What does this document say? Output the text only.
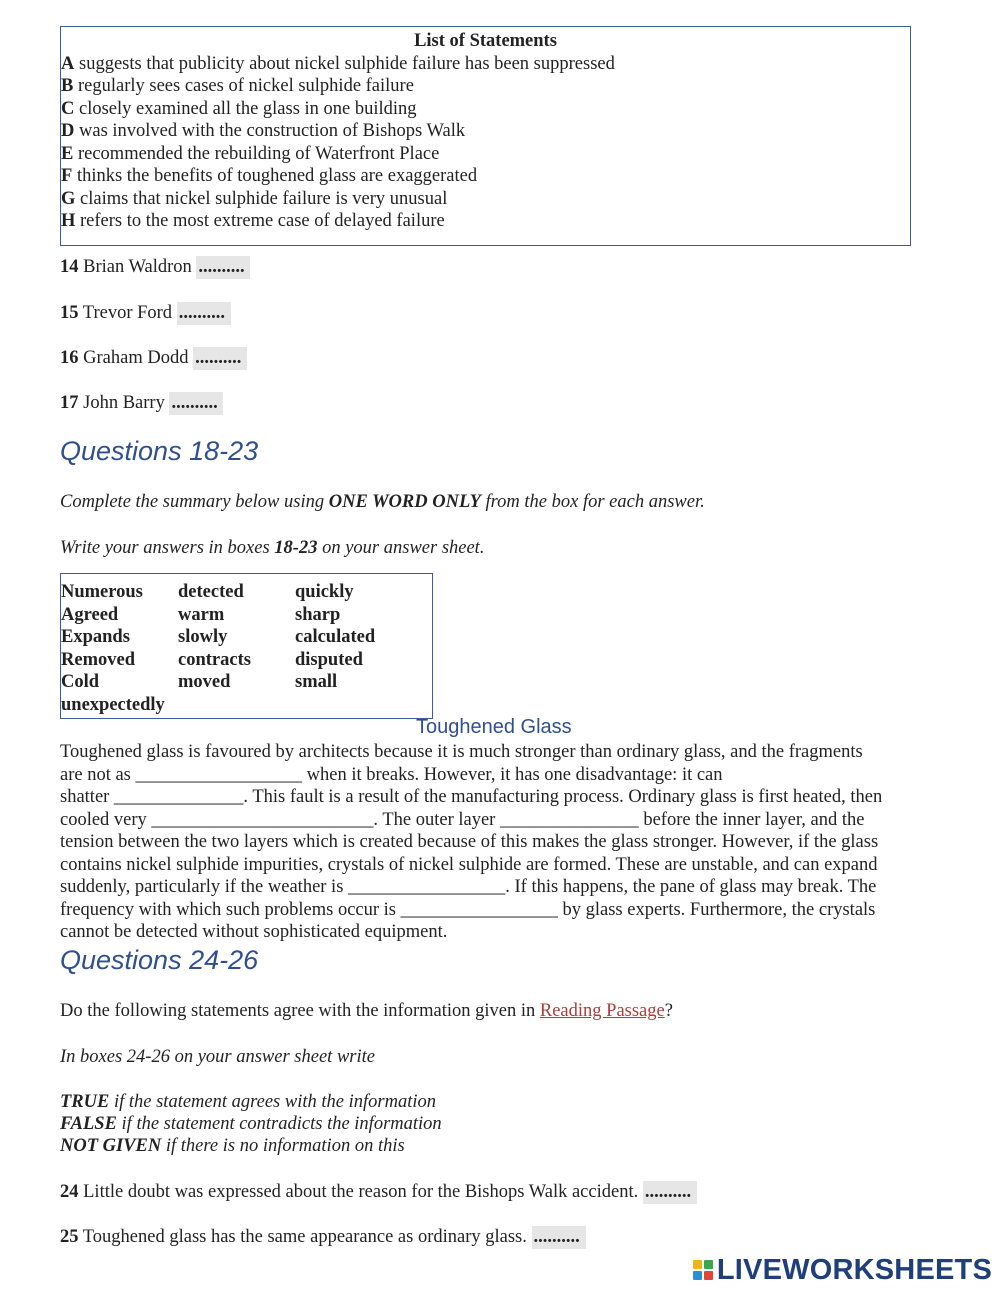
List of Statements
A suggests that publicity about nickel sulphide failure has been suppressed
B regularly sees cases of nickel sulphide failure
C closely examined all the glass in one building
D was involved with the construction of Bishops Walk
E recommended the rebuilding of Waterfront Place
F thinks the benefits of toughened glass are exaggerated
G claims that nickel sulphide failure is very unusual
H refers to the most extreme case of delayed failure
14 Brian Waldron ..........
15 Trevor Ford ..........
16 Graham Dodd ..........
17 John Barry ..........
Questions 18-23
Complete the summary below using ONE WORD ONLY from the box for each answer.
Write your answers in boxes 18-23 on your answer sheet.
Numerous	detected	quickly
Agreed	warm	sharp
Expands	slowly	calculated
Removed	contracts	disputed
Cold	moved	small
unexpectedly		
Toughened Glass
Toughened glass is favoured by architects because it is much stronger than ordinary glass, and the fragments
are not as __________________ when it breaks. However, it has one disadvantage: it can
shatter ______________. This fault is a result of the manufacturing process. Ordinary glass is first heated, then
cooled very ________________________. The outer layer _______________ before the inner layer, and the
tension between the two layers which is created because of this makes the glass stronger. However, if the glass
contains nickel sulphide impurities, crystals of nickel sulphide are formed. These are unstable, and can expand
suddenly, particularly if the weather is _________________. If this happens, the pane of glass may break. The
frequency with which such problems occur is _________________ by glass experts. Furthermore, the crystals
cannot be detected without sophisticated equipment.
Questions 24-26
Do the following statements agree with the information given in Reading Passage?
In boxes 24-26 on your answer sheet write
TRUE if the statement agrees with the information
FALSE if the statement contradicts the information
NOT GIVEN if there is no information on this
24 Little doubt was expressed about the reason for the Bishops Walk accident. ..........
25 Toughened glass has the same appearance as ordinary glass. ..........
LIVEWORKSHEETS
